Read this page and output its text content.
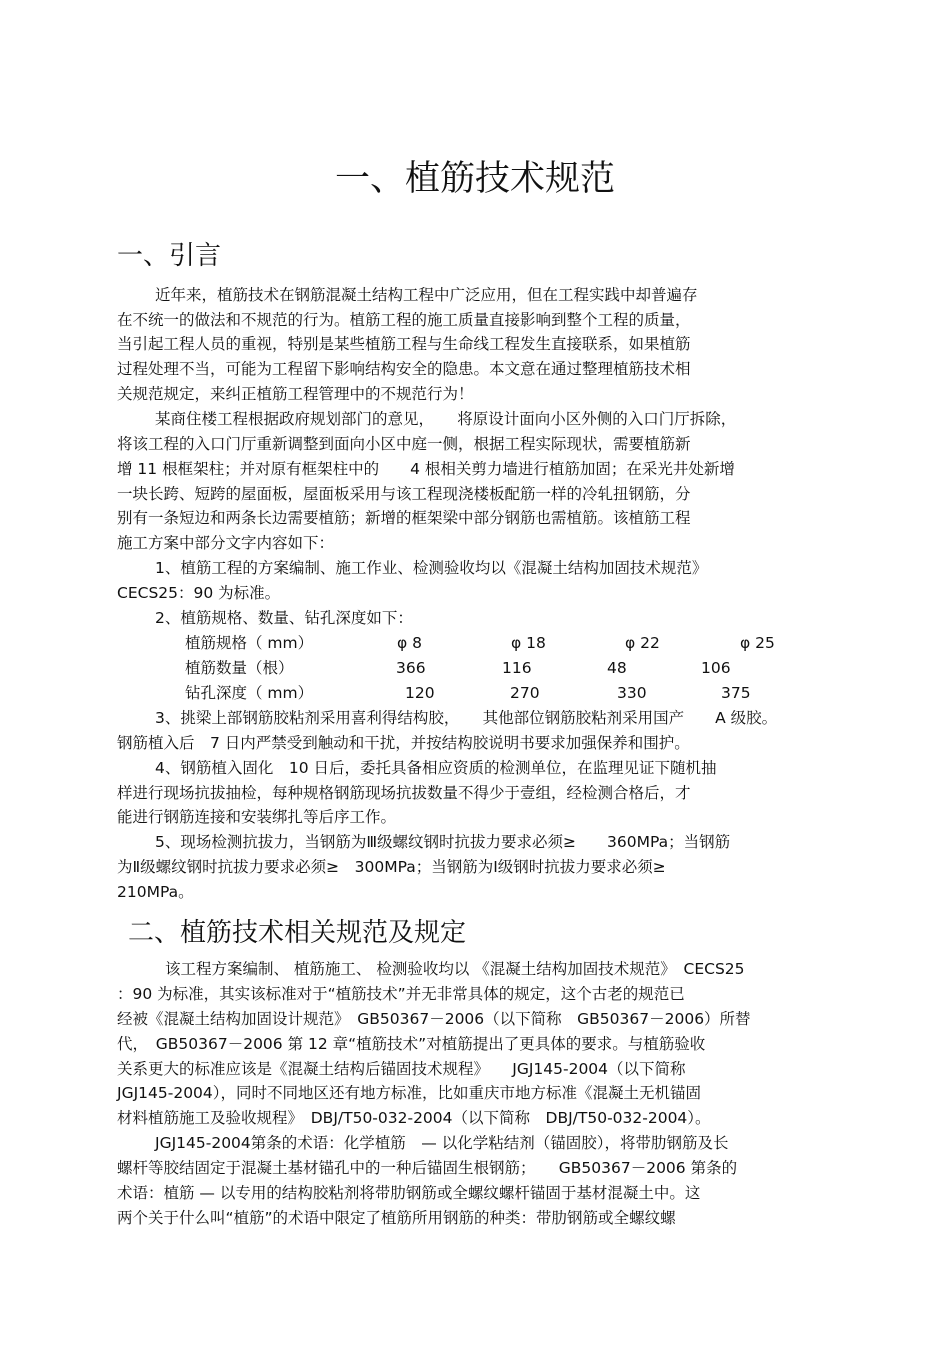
一、植筋技术规范
一、引言
近年来，植筋技术在钢筋混凝土结构工程中广泛应用，但在工程实践中却普遍存
在不统一的做法和不规范的行为。植筋工程的施工质量直接影响到整个工程的质量，
当引起工程人员的重视，特别是某些植筋工程与生命线工程发生直接联系，如果植筋
过程处理不当，可能为工程留下影响结构安全的隐患。本文意在通过整理植筋技术相
关规范规定，来纠正植筋工程管理中的不规范行为！
某商住楼工程根据政府规划部门的意见，　　将原设计面向小区外侧的入口门厅拆除，
将该工程的入口门厅重新调整到面向小区中庭一侧，根据工程实际现状，需要植筋新
增 11 根框架柱；并对原有框架柱中的　　4 根相关剪力墙进行植筋加固；在采光井处新增
一块长跨、短跨的屋面板，屋面板采用与该工程现浇楼板配筋一样的冷轧扭钢筋，分
别有一条短边和两条长边需要植筋；新增的框架梁中部分钢筋也需植筋。该植筋工程
施工方案中部分文字内容如下：
1、植筋工程的方案编制、施工作业、检测验收均以《混凝土结构加固技术规范》
CECS25：90 为标准。
2、植筋规格、数量、钻孔深度如下：
植筋规格（ mm）	φ 8	φ 18	φ 22	φ 25
植筋数量（根）	366	116	48	106
钻孔深度（ mm）	120	270	330	375
3、挑梁上部钢筋胶粘剂采用喜利得结构胶，　　其他部位钢筋胶粘剂采用国产　　A 级胶。
钢筋植入后　7 日内严禁受到触动和干扰，并按结构胶说明书要求加强保养和围护。
4、钢筋植入固化　10 日后，委托具备相应资质的检测单位，在监理见证下随机抽
样进行现场抗拔抽检，每种规格钢筋现场抗拔数量不得少于壹组，经检测合格后，才
能进行钢筋连接和安装绑扎等后序工作。
5、现场检测抗拔力，当钢筋为Ⅲ级螺纹钢时抗拔力要求必须≥　　360MPa；当钢筋
为Ⅱ级螺纹钢时抗拔力要求必须≥　300MPa；当钢筋为Ⅰ级钢时抗拔力要求必须≥
210MPa。
二、植筋技术相关规范及规定
该工程方案编制、 植筋施工、 检测验收均以 《混凝土结构加固技术规范》　CECS25
：90 为标准，其实该标准对于“植筋技术”并无非常具体的规定，这个古老的规范已
经被《混凝土结构加固设计规范》　GB50367－2006（以下简称　GB50367－2006）所替
代，　GB50367－2006 第 12 章“植筋技术”对植筋提出了更具体的要求。与植筋验收
关系更大的标准应该是《混凝土结构后锚固技术规程》　　JGJ145-2004（以下简称
JGJ145-2004），同时不同地区还有地方标准，比如重庆市地方标准《混凝土无机锚固
材料植筋施工及验收规程》　DBJ/T50-032-2004（以下简称　DBJ/T50-032-2004）。
JGJ145-2004第条的术语：化学植筋　— 以化学粘结剂（锚固胶），将带肋钢筋及长
螺杆等胶结固定于混凝土基材锚孔中的一种后锚固生根钢筋；　　GB50367－2006 第条的
术语：植筋 — 以专用的结构胶粘剂将带肋钢筋或全螺纹螺杆锚固于基材混凝土中。这
两个关于什么叫“植筋”的术语中限定了植筋所用钢筋的种类：带肋钢筋或全螺纹螺
